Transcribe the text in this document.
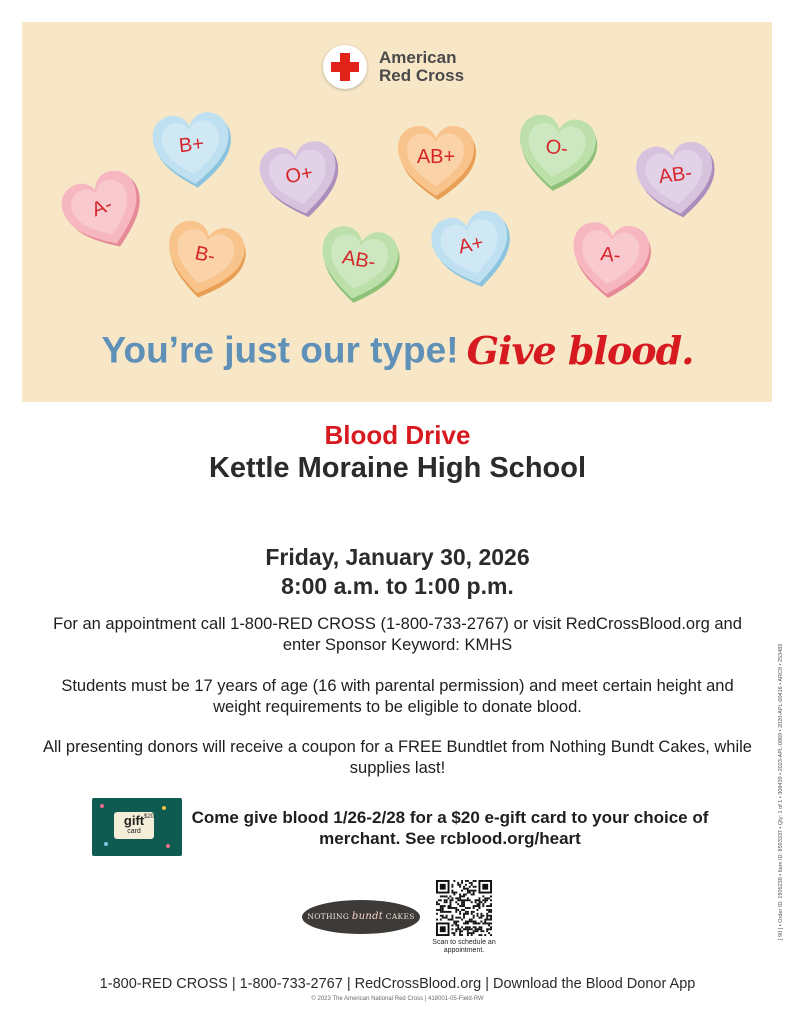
American
Red Cross
B+
O+
AB+	O-
AB-
A-
B-	AB-
A+	A-
You’re just our type! Give blood.
Blood Drive
Kettle Moraine High School
Friday, January 30, 2026
8:00 a.m. to 1:00 p.m.
For an appointment call 1-800-RED CROSS (1-800-733-2767) or visit RedCrossBlood.org and enter Sponsor Keyword: KMHS
Students must be 17 years of age (16 with parental permission) and meet certain height and weight requirements to be eligible to donate blood.
All presenting donors will receive a coupon for a FREE Bundtlet from Nothing Bundt Cakes, while supplies last!
gift
card
$20 Come give blood 1/26-2/28 for a $20 e-gift card to your choice of merchant. See rcblood.org/heart
NOTHING bundt CAKES
Scan to schedule an appointment.
1-800-RED CROSS | 1-800-733-2767 | RedCrossBlood.org | Download the Blood Donor App
© 2023 The American National Red Cross | 418001-05-Field-RW
[ 90 ] • Order ID: 1905238 • Item ID: 8593337 • Qty: 1 of 1 • 308439 • 2023-APL-0869 • 2020-APL-00416 • ARC8 • 253485
